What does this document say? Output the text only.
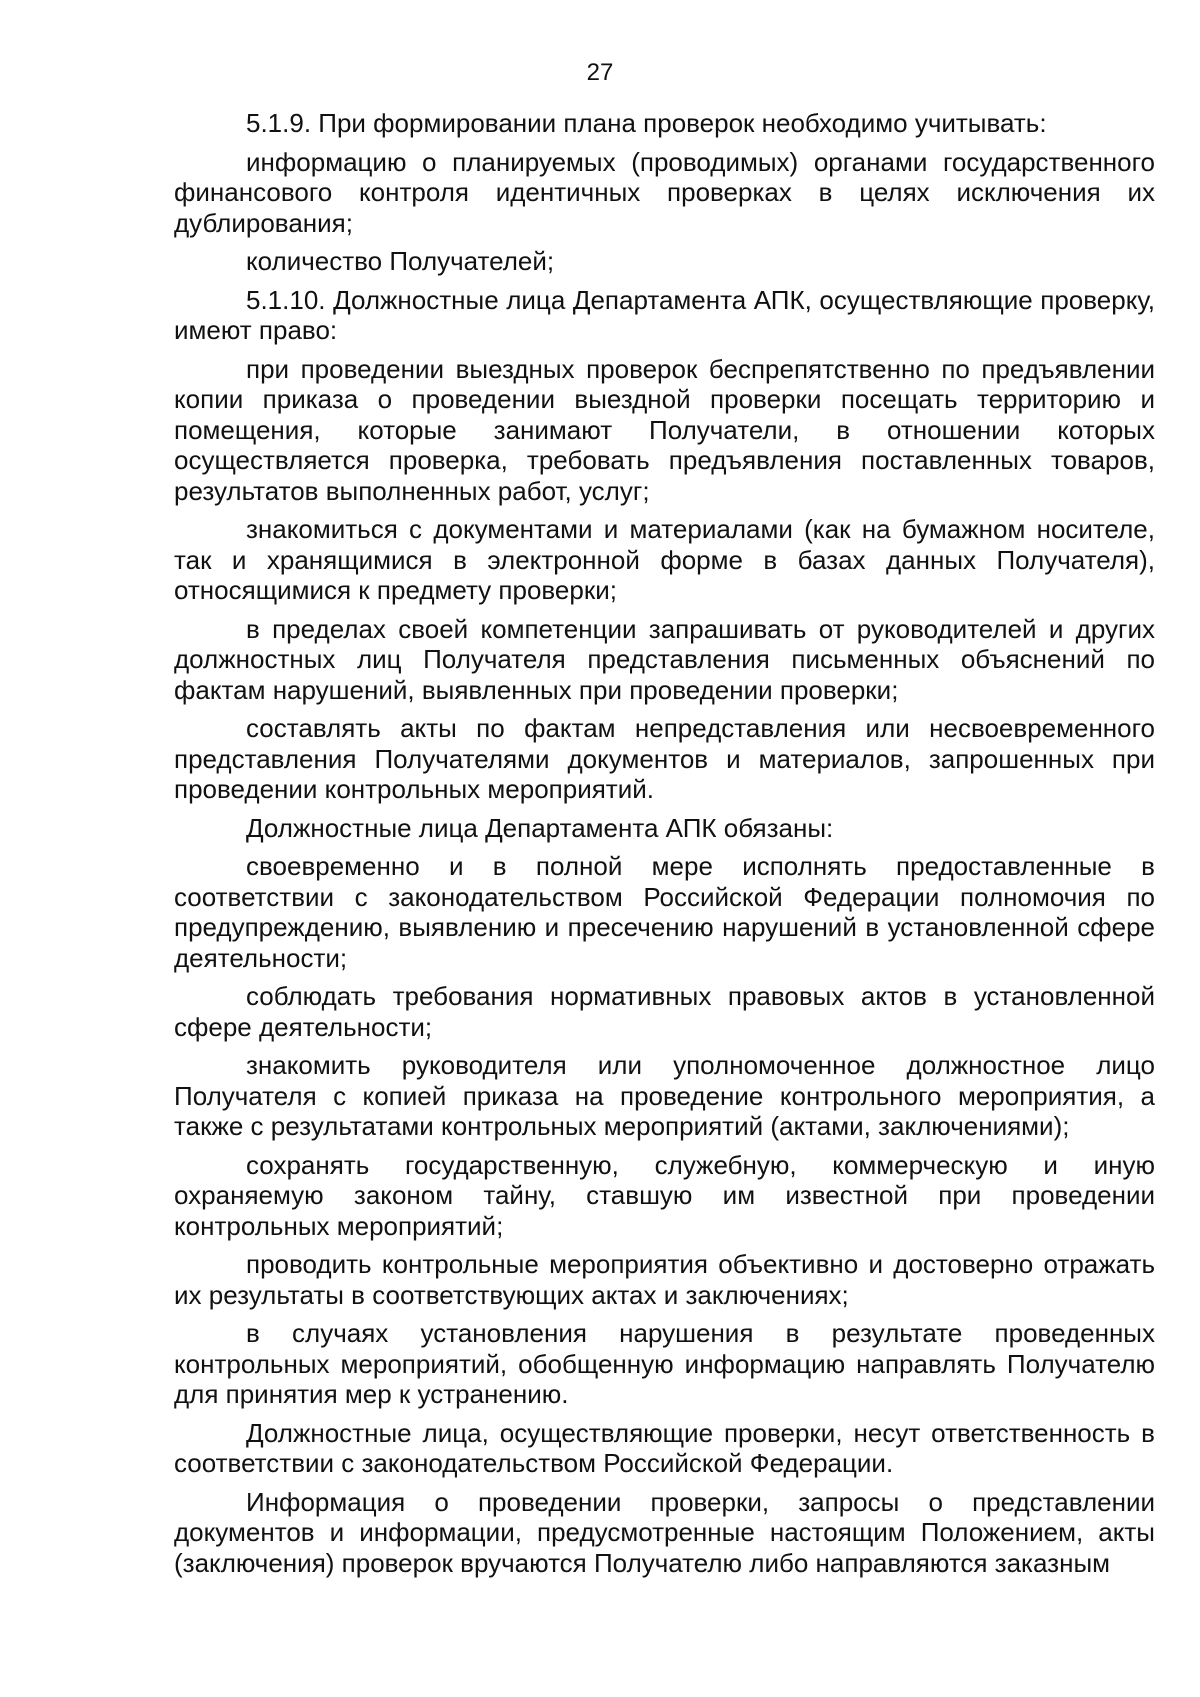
27

5.1.9. При формировании плана проверок необходимо учитывать:

информацию о планируемых (проводимых) органами государственного финансового контроля идентичных проверках в целях исключения их дублирования;

количество Получателей;

5.1.10. Должностные лица Департамента АПК, осуществляющие проверку, имеют право:

при проведении выездных проверок беспрепятственно по предъявлении копии приказа о проведении выездной проверки посещать территорию и помещения, которые занимают Получатели, в отношении которых осуществляется проверка, требовать предъявления поставленных товаров, результатов выполненных работ, услуг;

знакомиться с документами и материалами (как на бумажном носителе, так и хранящимися в электронной форме в базах данных Получателя), относящимися к предмету проверки;

в пределах своей компетенции запрашивать от руководителей и других должностных лиц Получателя представления письменных объяснений по фактам нарушений, выявленных при проведении проверки;

составлять акты по фактам непредставления или несвоевременного представления Получателями документов и материалов, запрошенных при проведении контрольных мероприятий.

Должностные лица Департамента АПК обязаны:

своевременно и в полной мере исполнять предоставленные в соответствии с законодательством Российской Федерации полномочия по предупреждению, выявлению и пресечению нарушений в установленной сфере деятельности;

соблюдать требования нормативных правовых актов в установленной сфере деятельности;

знакомить руководителя или уполномоченное должностное лицо Получателя с копией приказа на проведение контрольного мероприятия, а также с результатами контрольных мероприятий (актами, заключениями);

сохранять государственную, служебную, коммерческую и иную охраняемую законом тайну, ставшую им известной при проведении контрольных мероприятий;

проводить контрольные мероприятия объективно и достоверно отражать их результаты в соответствующих актах и заключениях;

в случаях установления нарушения в результате проведенных контрольных мероприятий, обобщенную информацию направлять Получателю для принятия мер к устранению.

Должностные лица, осуществляющие проверки, несут ответственность в соответствии с законодательством Российской Федерации.

Информация о проведении проверки, запросы о представлении документов и информации, предусмотренные настоящим Положением, акты (заключения) проверок вручаются Получателю либо направляются заказным
